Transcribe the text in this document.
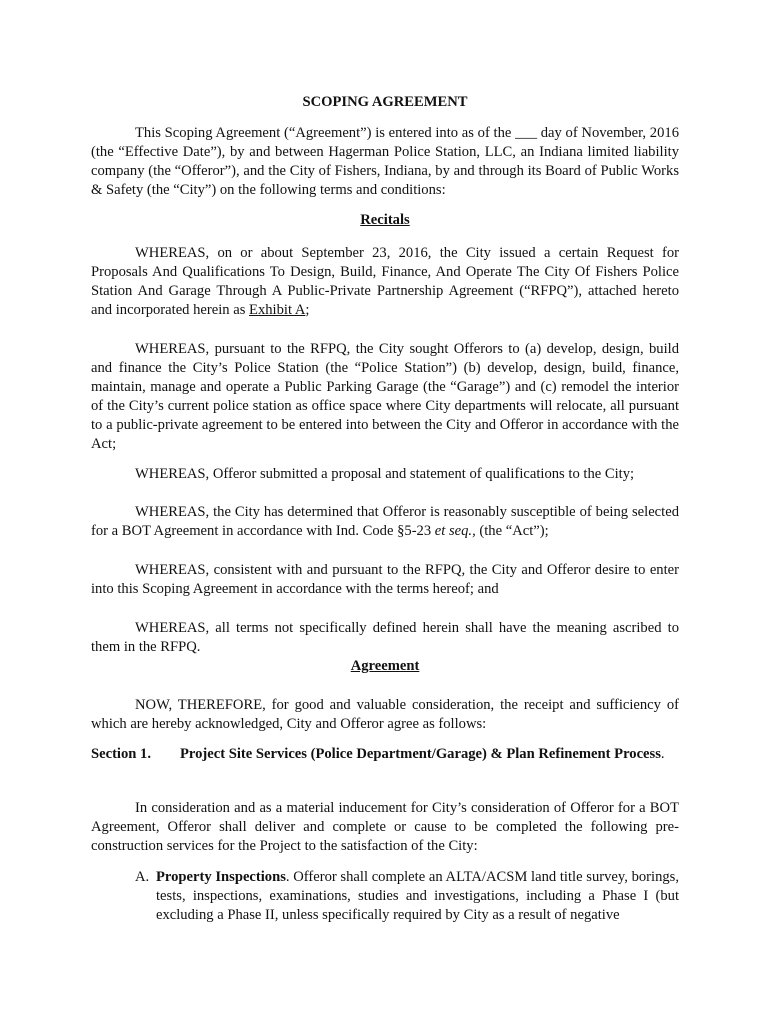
SCOPING AGREEMENT

This Scoping Agreement (“Agreement”) is entered into as of the ___ day of November, 2016 (the “Effective Date”), by and between Hagerman Police Station, LLC, an Indiana limited liability company (the “Offeror”), and the City of Fishers, Indiana, by and through its Board of Public Works & Safety (the “City”) on the following terms and conditions:

Recitals

WHEREAS, on or about September 23, 2016, the City issued a certain Request for Proposals And Qualifications To Design, Build, Finance, And Operate The City Of Fishers Police Station And Garage Through A Public-Private Partnership Agreement (“RFPQ”), attached hereto and incorporated herein as Exhibit A;

WHEREAS, pursuant to the RFPQ, the City sought Offerors to (a) develop, design, build and finance the City’s Police Station (the “Police Station”) (b) develop, design, build, finance, maintain, manage and operate a Public Parking Garage (the “Garage”) and (c) remodel the interior of the City’s current police station as office space where City departments will relocate, all pursuant to a public-private agreement to be entered into between the City and Offeror in accordance with the Act;

WHEREAS, Offeror submitted a proposal and statement of qualifications to the City;

WHEREAS, the City has determined that Offeror is reasonably susceptible of being selected for a BOT Agreement in accordance with Ind. Code §5-23 et seq., (the “Act”);

WHEREAS, consistent with and pursuant to the RFPQ, the City and Offeror desire to enter into this Scoping Agreement in accordance with the terms hereof; and

WHEREAS, all terms not specifically defined herein shall have the meaning ascribed to them in the RFPQ.

Agreement

NOW, THEREFORE, for good and valuable consideration, the receipt and sufficiency of which are hereby acknowledged, City and Offeror agree as follows:

Section 1. Project Site Services (Police Department/Garage) & Plan Refinement Process.

In consideration and as a material inducement for City’s consideration of Offeror for a BOT Agreement, Offeror shall deliver and complete or cause to be completed the following pre-construction services for the Project to the satisfaction of the City:

A. Property Inspections. Offeror shall complete an ALTA/ACSM land title survey, borings, tests, inspections, examinations, studies and investigations, including a Phase I (but excluding a Phase II, unless specifically required by City as a result of negative
